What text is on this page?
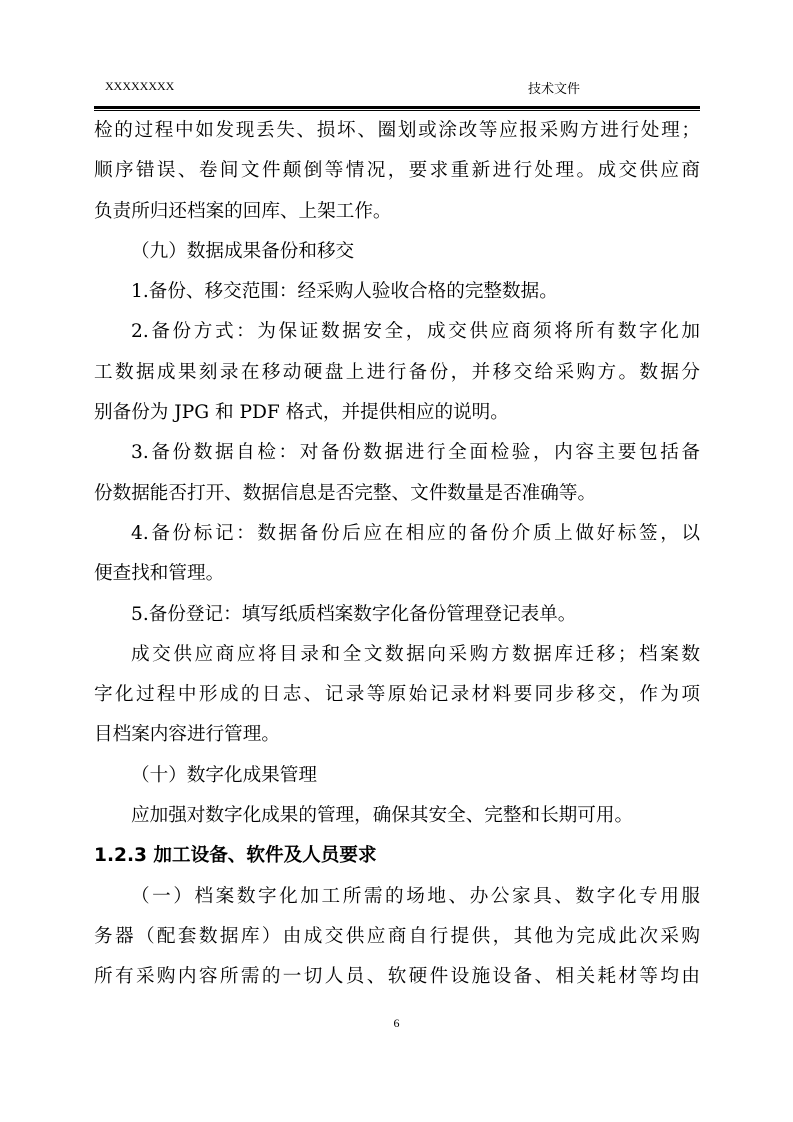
XXXXXXXX	技术文件
检的过程中如发现丢失、损坏、圈划或涂改等应报采购方进行处理；
顺序错误、卷间文件颠倒等情况，要求重新进行处理。成交供应商
负责所归还档案的回库、上架工作。
（九）数据成果备份和移交
1.备份、移交范围：经采购人验收合格的完整数据。
2.备份方式：为保证数据安全，成交供应商须将所有数字化加
工数据成果刻录在移动硬盘上进行备份，并移交给采购方。数据分
别备份为 JPG 和 PDF 格式，并提供相应的说明。
3.备份数据自检：对备份数据进行全面检验，内容主要包括备
份数据能否打开、数据信息是否完整、文件数量是否准确等。
4.备份标记：数据备份后应在相应的备份介质上做好标签，以
便查找和管理。
5.备份登记：填写纸质档案数字化备份管理登记表单。
成交供应商应将目录和全文数据向采购方数据库迁移；档案数
字化过程中形成的日志、记录等原始记录材料要同步移交，作为项
目档案内容进行管理。
（十）数字化成果管理
应加强对数字化成果的管理，确保其安全、完整和长期可用。
1.2.3 加工设备、软件及人员要求
（一）档案数字化加工所需的场地、办公家具、数字化专用服
务器（配套数据库）由成交供应商自行提供，其他为完成此次采购
所有采购内容所需的一切人员、软硬件设施设备、相关耗材等均由
6
